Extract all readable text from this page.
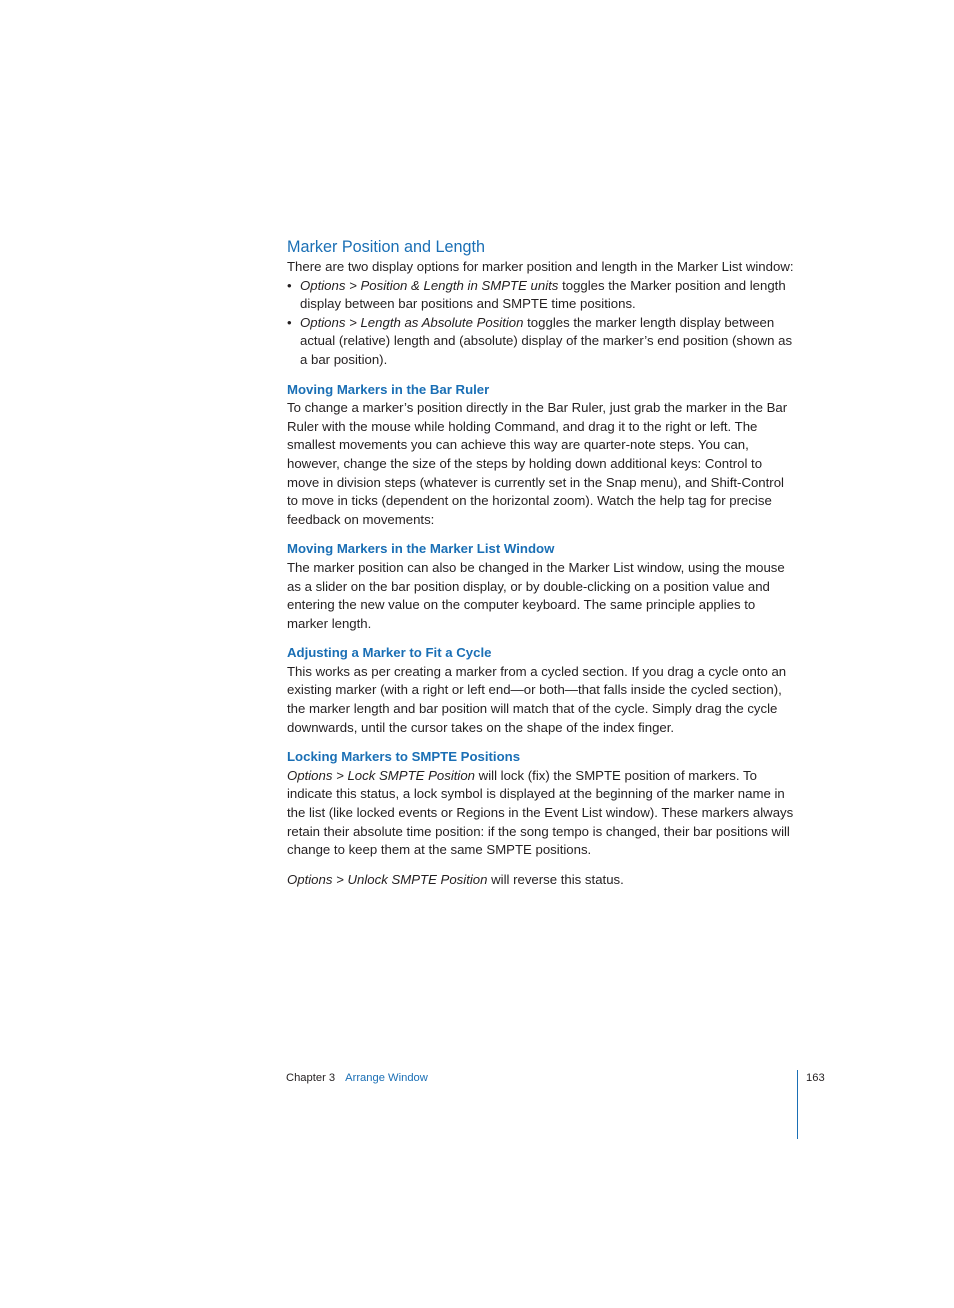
Marker Position and Length

There are two display options for marker position and length in the Marker List window:

• Options > Position & Length in SMPTE units toggles the Marker position and length display between bar positions and SMPTE time positions.
• Options > Length as Absolute Position toggles the marker length display between actual (relative) length and (absolute) display of the marker’s end position (shown as a bar position).
Moving Markers in the Bar Ruler

To change a marker’s position directly in the Bar Ruler, just grab the marker in the Bar Ruler with the mouse while holding Command, and drag it to the right or left. The smallest movements you can achieve this way are quarter-note steps. You can, however, change the size of the steps by holding down additional keys: Control to move in division steps (whatever is currently set in the Snap menu), and Shift-Control to move in ticks (dependent on the horizontal zoom). Watch the help tag for precise feedback on movements:

Moving Markers in the Marker List Window

The marker position can also be changed in the Marker List window, using the mouse as a slider on the bar position display, or by double-clicking on a position value and entering the new value on the computer keyboard. The same principle applies to marker length.

Adjusting a Marker to Fit a Cycle

This works as per creating a marker from a cycled section. If you drag a cycle onto an existing marker (with a right or left end—or both—that falls inside the cycled section), the marker length and bar position will match that of the cycle. Simply drag the cycle downwards, until the cursor takes on the shape of the index finger.

Locking Markers to SMPTE Positions

Options > Lock SMPTE Position will lock (fix) the SMPTE position of markers. To indicate this status, a lock symbol is displayed at the beginning of the marker name in the list (like locked events or Regions in the Event List window). These markers always retain their absolute time position: if the song tempo is changed, their bar positions will change to keep them at the same SMPTE positions.

Options > Unlock SMPTE Position will reverse this status.

Chapter 3 Arrange Window	163
